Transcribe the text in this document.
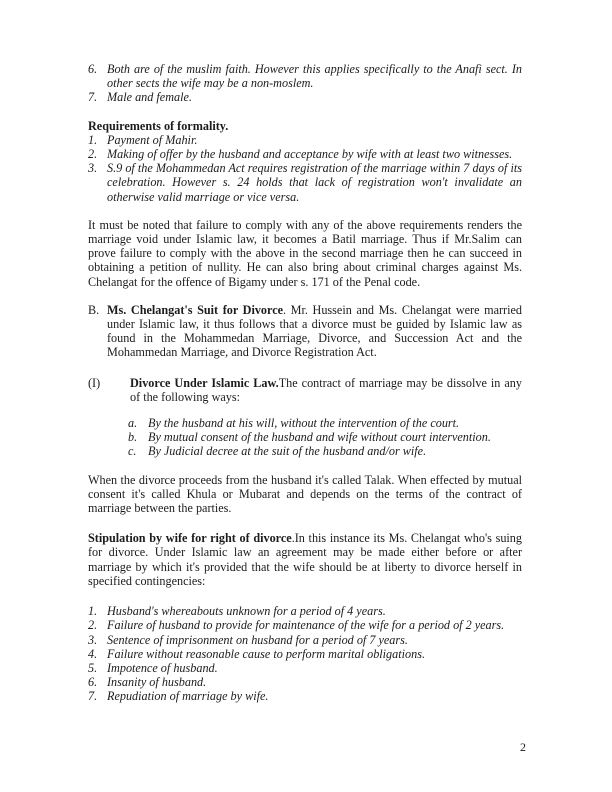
6. Both are of the muslim faith. However this applies specifically to the Anafi sect. In other sects the wife may be a non-moslem.
7. Male and female.
Requirements of formality.
1. Payment of Mahir.
2. Making of offer by the husband and acceptance by wife with at least two witnesses.
3. S.9 of the Mohammedan Act requires registration of the marriage within 7 days of its celebration. However s. 24 holds that lack of registration won't invalidate an otherwise valid marriage or vice versa.

It must be noted that failure to comply with any of the above requirements renders the marriage void under Islamic law, it becomes a Batil marriage. Thus if Mr.Salim can prove failure to comply with the above in the second marriage then he can succeed in obtaining a petition of nullity. He can also bring about criminal charges against Ms. Chelangat for the offence of Bigamy under s. 171 of the Penal code.

B. Ms. Chelangat's Suit for Divorce. Mr. Hussein and Ms. Chelangat were married under Islamic law, it thus follows that a divorce must be guided by Islamic law as found in the Mohammedan Marriage, Divorce, and Succession Act and the Mohammedan Marriage, and Divorce Registration Act.
(I)	Divorce Under Islamic Law.The contract of marriage may be dissolve in any of the following ways:
a. By the husband at his will, without the intervention of the court.
b. By mutual consent of the husband and wife without court intervention.
c. By Judicial decree at the suit of the husband and/or wife.

When the divorce proceeds from the husband it's called Talak. When effected by mutual consent it's called Khula or Mubarat and depends on the terms of the contract of marriage between the parties.

Stipulation by wife for right of divorce.In this instance its Ms. Chelangat who's suing for divorce. Under Islamic law an agreement may be made either before or after marriage by which it's provided that the wife should be at liberty to divorce herself in specified contingencies:

1. Husband's whereabouts unknown for a period of 4 years.
2. Failure of husband to provide for maintenance of the wife for a period of 2 years.
3. Sentence of imprisonment on husband for a period of 7 years.
4. Failure without reasonable cause to perform marital obligations.
5. Impotence of husband.
6. Insanity of husband.
7. Repudiation of marriage by wife.
2
